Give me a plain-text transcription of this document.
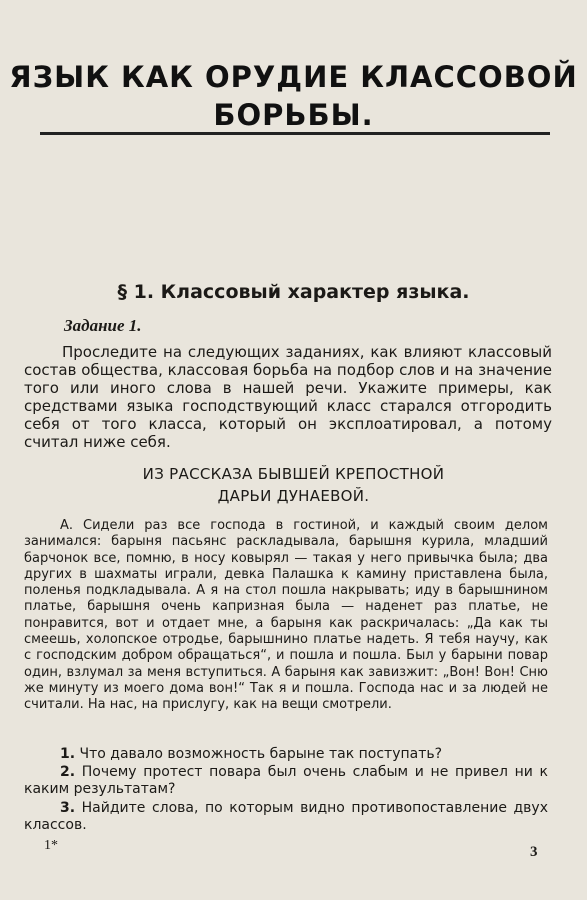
ЯЗЫК КАК ОРУДИЕ КЛАССОВОЙ
БОРЬБЫ.
§ 1. Классовый характер языка.
Задание 1.

Проследите на следующих заданиях, как влияют классовый состав общества, классовая борьба на подбор слов и на значение того или иного слова в нашей речи. Укажите примеры, как средствами языка господствующий класс старался отгородить себя от того класса, который он эксплоатировал, а потому считал ниже себя.

ИЗ РАССКАЗА БЫВШЕЙ КРЕПОСТНОЙ

ДАРЬИ ДУНАЕВОЙ.

А. Сидели раз все господа в гостиной, и каждый своим делом занимался: барыня пасьянс раскладывала, барышня курила, младший барчонок все, помню, в носу ковырял — такая у него привычка была; два других в шахматы играли, девка Палашка к камину приставлена была, поленья подкладывала. А я на стол пошла накрывать; иду в барышнином платье, барышня очень капризная была — наденет раз платье, не понравится, вот и отдает мне, а барыня как раскричалась: „Да как ты смеешь, холопское отродье, барышнино платье надеть. Я тебя научу, как с господским добром обращаться“, и пошла и пошла. Был у барыни повар один, взлумал за меня вступиться. А барыня как завизжит: „Вон! Вон! Сню же минуту из моего дома вон!“ Так я и пошла. Господа нас и за людей не считали. На нас, на прислугу, как на вещи смотрели.

1. Что давало возможность барыне так поступать?

2. Почему протест повара был очень слабым и не привел ни к каким результатам?

3. Найдите слова, по которым видно противопоставление двух классов.

1*	3
